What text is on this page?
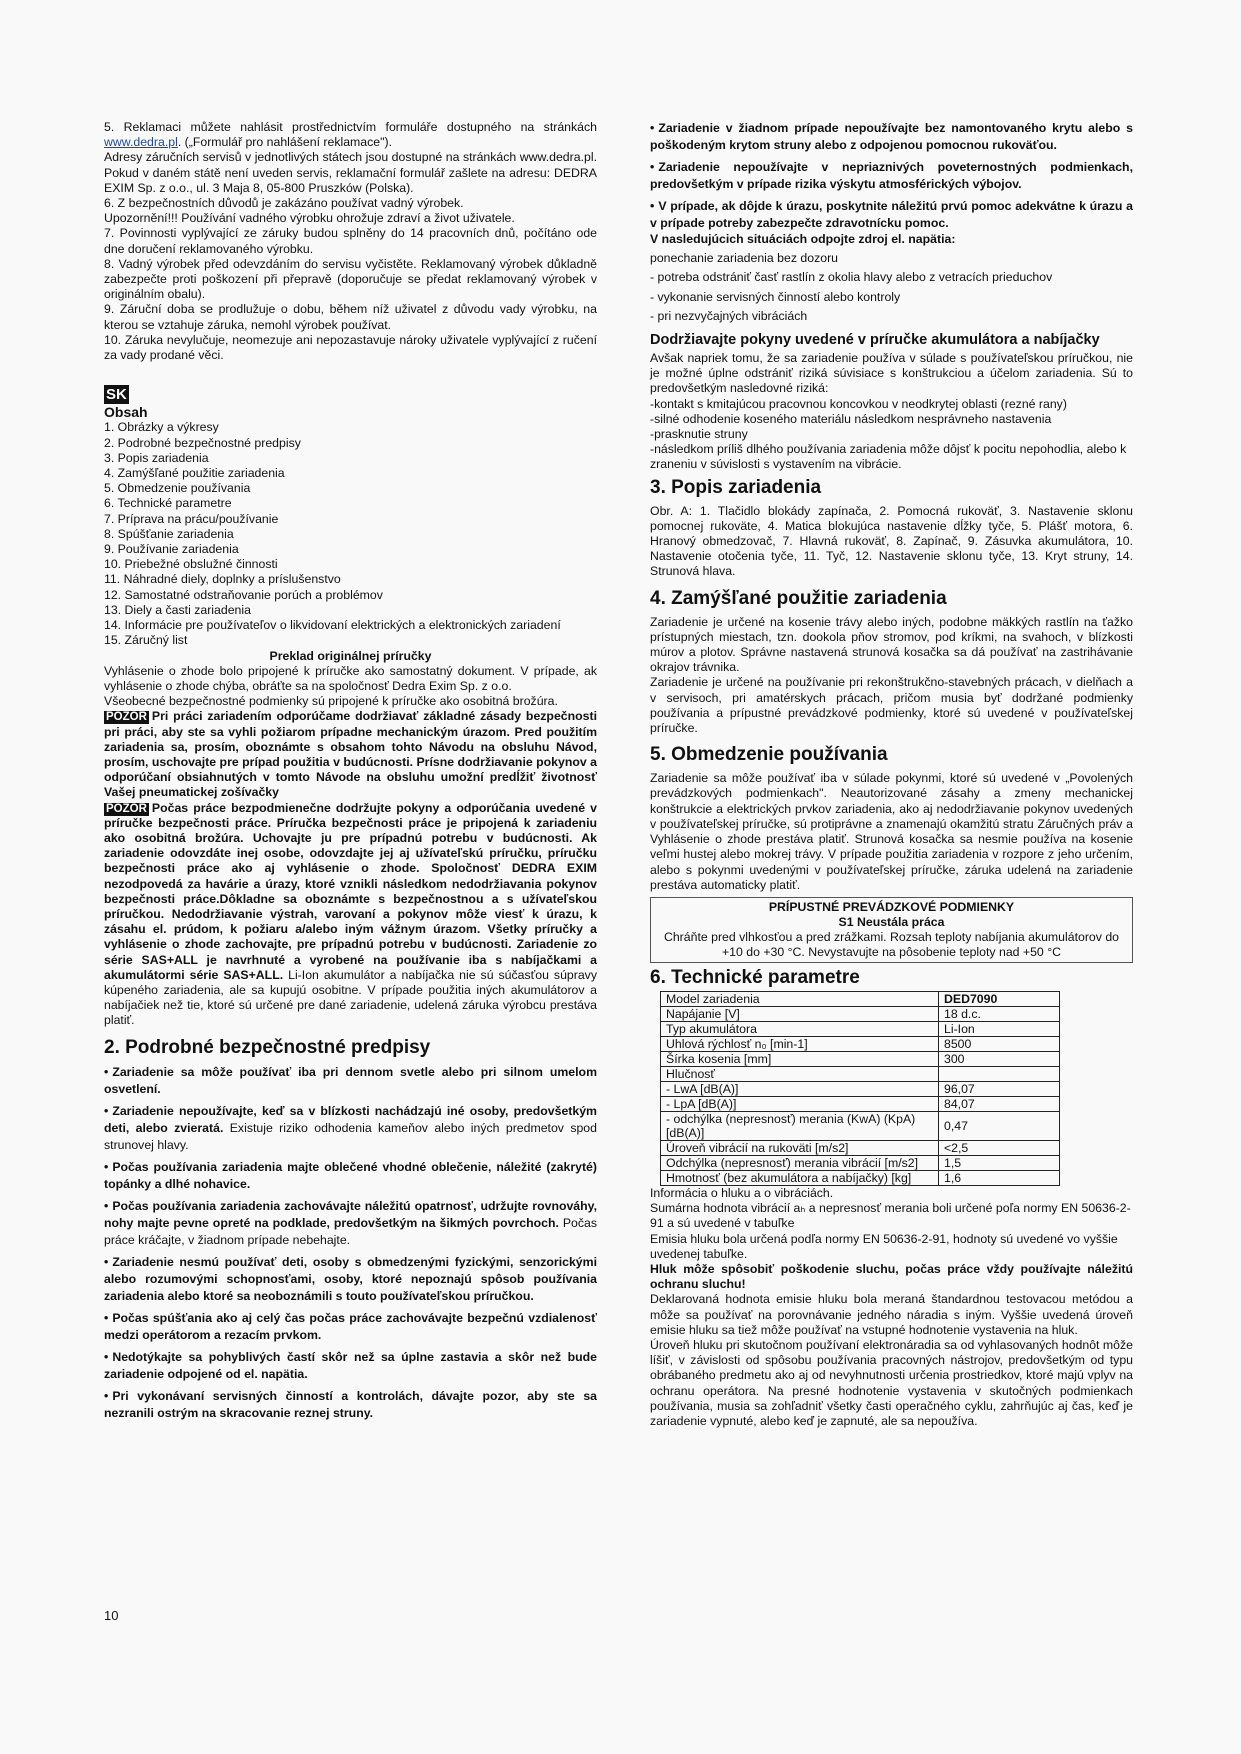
5. Reklamaci můžete nahlásit prostřednictvím formuláře dostupného na stránkách www.dedra.pl. („Formulář pro nahlášení reklamace").

Adresy záručních servisů v jednotlivých státech jsou dostupné na stránkách www.dedra.pl. Pokud v daném státě není uveden servis, reklamační formulář zašlete na adresu: DEDRA EXIM Sp. z o.o., ul. 3 Maja 8, 05-800 Pruszków (Polska).

6. Z bezpečnostních důvodů je zakázáno používat vadný výrobek.

Upozornění!!! Používání vadného výrobku ohrožuje zdraví a život uživatele.

7. Povinnosti vyplývající ze záruky budou splněny do 14 pracovních dnů, počítáno ode dne doručení reklamovaného výrobku.

8. Vadný výrobek před odevzdáním do servisu vyčistěte. Reklamovaný výrobek důkladně zabezpečte proti poškození při přepravě (doporučuje se předat reklamovaný výrobek v originálním obalu).

9. Záruční doba se prodlužuje o dobu, během níž uživatel z důvodu vady výrobku, na kterou se vztahuje záruka, nemohl výrobek používat.

10. Záruka nevylučuje, neomezuje ani nepozastavuje nároky uživatele vyplývající z ručení za vady prodané věci.

SK
Obsah
1. Obrázky a výkresy
2. Podrobné bezpečnostné predpisy
3. Popis zariadenia
4. Zamýšľané použitie zariadenia
5. Obmedzenie používania
6. Technické parametre
7. Príprava na prácu/používanie
8. Spúšťanie zariadenia
9. Používanie zariadenia
10. Priebežné obslužné činnosti
11. Náhradné diely, doplnky a príslušenstvo
12. Samostatné odstraňovanie porúch a problémov
13. Diely a časti zariadenia
14. Informácie pre používateľov o likvidovaní elektrických a elektronických zariadení
15. Záručný list

Preklad originálnej príručky

Vyhlásenie o zhode bolo pripojené k príručke ako samostatný dokument. V prípade, ak vyhlásenie o zhode chýba, obráťte sa na spoločnosť Dedra Exim Sp. z o.o.

Všeobecné bezpečnostné podmienky sú pripojené k príručke ako osobitná brožúra.

POZOR Pri práci zariadením odporúčame dodržiavať základné zásady bezpečnosti pri práci, aby ste sa vyhli požiarom prípadne mechanickým úrazom. Pred použitím zariadenia sa, prosím, oboznámte s obsahom tohto Návodu na obsluhu Návod, prosím, uschovajte pre prípad použitia v budúcnosti. Prísne dodržiavanie pokynov a odporúčaní obsiahnutých v tomto Návode na obsluhu umožní predĺžiť životnosť Vašej pneumatickej zošívačky

POZOR Počas práce bezpodmienečne dodržujte pokyny a odporúčania uvedené v príručke bezpečnosti práce. Príručka bezpečnosti práce je pripojená k zariadeniu ako osobitná brožúra. Uchovajte ju pre prípadnú potrebu v budúcnosti. Ak zariadenie odovzdáte inej osobe, odovzdajte jej aj užívateľskú príručku, príručku bezpečnosti práce ako aj vyhlásenie o zhode. Spoločnosť DEDRA EXIM nezodpovedá za haváriе a úrazy, ktoré vznikli následkom nedodržiavania pokynov bezpečnosti práce.Dôkladne sa oboznámte s bezpečnostnou a s užívateľskou príručkou. Nedodržiavanie výstrah, varovaní a pokynov môže viesť k úrazu, k zásahu el. prúdom, k požiaru a/alebo iným vážnym úrazom. Všetky príručky a vyhlásenie o zhode zachovajte, pre prípadnú potrebu v budúcnosti. Zariadenie zo série SAS+ALL je navrhnuté a vyrobené na používanie iba s nabíjačkami a akumulátormi série SAS+ALL. Li-Ion akumulátor a nabíjačka nie sú súčasťou súpravy kúpeného zariadenia, ale sa kupujú osobitne. V prípade použitia iných akumulátorov a nabíjačiek než tie, ktoré sú určené pre dané zariadenie, udelená záruka výrobcu prestáva platiť.

2. Podrobné bezpečnostné predpisy
• Zariadenie sa môže používať iba pri dennom svetle alebo pri silnom umelom osvetlení.
• Zariadenie nepoužívajte, keď sa v blízkosti nachádzajú iné osoby, predovšetkým deti, alebo zvieratá. Existuje riziko odhodenia kameňov alebo iných predmetov spod strunovej hlavy.
• Počas používania zariadenia majte oblečené vhodné oblečenie, náležité (zakryté) topánky a dlhé nohavice.
• Počas používania zariadenia zachovávajte náležitú opatrnosť, udržujte rovnováhy, nohy majte pevne opreté na podklade, predovšetkým na šikmých povrchoch. Počas práce kráčajte, v žiadnom prípade nebehajte.
• Zariadenie nesmú používať deti, osoby s obmedzenými fyzickými, senzorickými alebo rozumovými schopnosťami, osoby, ktoré nepoznajú spôsob používania zariadenia alebo ktoré sa neoboznámili s touto používateľskou príručkou.
• Počas spúšťania ako aj celý čas počas práce zachovávajte bezpečnú vzdialenosť medzi operátorom a rezacím prvkom.
• Nedotýkajte sa pohyblivých častí skôr než sa úplne zastavia a skôr než bude zariadenie odpojené od el. napätia.
• Pri vykonávaní servisných činností a kontrolách, dávajte pozor, aby ste sa nezranili ostrým na skracovanie reznej struny.
• Zariadenie v žiadnom prípade nepoužívajte bez namontovaného krytu alebo s poškodeným krytom struny alebo z odpojenou pomocnou rukoväťou.
• Zariadenie nepoužívajte v nepriaznivých poveternostných podmienkach, predovšetkým v prípade rizika výskytu atmosférických výbojov.
• V prípade, ak dôjde k úrazu, poskytnite náležitú prvú pomoc adekvátne k úrazu a v prípade potreby zabezpečte zdravotnícku pomoc.

V nasledujúcich situáciách odpojte zdroj el. napätia:

ponechanie zariadenia bez dozoru
- potreba odstrániť časť rastlín z okolia hlavy alebo z vetracích prieduchov
- vykonanie servisných činností alebo kontroly
- pri nezvyčajných vibráciách
Dodržiavajte pokyny uvedené v príručke akumulátora a nabíjačky

Avšak napriek tomu, že sa zariadenie používa v súlade s používateľskou príručkou, nie je možné úplne odstrániť riziká súvisiace s konštrukciou a účelom zariadenia. Sú to predovšetkým nasledovné riziká:

-kontakt s kmitajúcou pracovnou koncovkou v neodkrytej oblasti (rezné rany)
-silné odhodenie koseného materiálu následkom nesprávneho nastavenia
-prasknutie struny
-následkom príliš dlhého používania zariadenia môže dôjsť k pocitu nepohodlia, alebo k zraneniu v súvislosti s vystavením na vibrácie.
3. Popis zariadenia

Obr. A: 1. Tlačidlo blokády zapínača, 2. Pomocná rukoväť, 3. Nastavenie sklonu pomocnej rukoväte, 4. Matica blokujúca nastavenie dĺžky tyče, 5. Plášť motora, 6. Hranový obmedzovač, 7. Hlavná rukoväť, 8. Zapínač, 9. Zásuvka akumulátora, 10. Nastavenie otočenia tyče, 11. Tyč, 12. Nastavenie sklonu tyče, 13. Kryt struny, 14. Strunová hlava.

4. Zamýšľané použitie zariadenia

Zariadenie je určené na kosenie trávy alebo iných, podobne mäkkých rastlín na ťažko prístupných miestach, tzn. dookola pňov stromov, pod kríkmi, na svahoch, v blízkosti múrov a plotov. Správne nastavená strunová kosačka sa dá používať na zastrihávanie okrajov trávnika.

Zariadenie je určené na používanie pri rekonštrukčno-stavebných prácach, v dielňach a v servisoch, pri amatérskych prácach, pričom musia byť dodržané podmienky používania a prípustné prevádzkové podmienky, ktoré sú uvedené v používateľskej príručke.

5. Obmedzenie používania

Zariadenie sa môže používať iba v súlade pokynmi, ktoré sú uvedené v „Povolených prevádzkových podmienkach". Neautorizované zásahy a zmeny mechanickej konštrukcie a elektrických prvkov zariadenia, ako aj nedodržiavanie pokynov uvedených v používateľskej príručke, sú protiprávne a znamenajú okamžitú stratu Záručných práv a Vyhlásenie o zhode prestáva platiť. Strunová kosačka sa nesmie používa na kosenie veľmi hustej alebo mokrej trávy. V prípade použitia zariadenia v rozpore z jeho určením, alebo s pokynmi uvedenými v používateľskej príručke, záruka udelená na zariadenie prestáva automaticky platiť.

PRÍPUSTNÉ PREVÁDZKOVÉ PODMIENKY
S1 Neustála práca
Chráňte pred vlhkosťou a pred zrážkami. Rozsah teploty nabíjania akumulátorov do +10 do +30 °C. Nevystavujte na pôsobenie teploty nad +50 °C
6. Technické parametre
Model zariadenia	DED7090
Napájanie [V]	18 d.c.
Typ akumulátora	Li-Ion
Uhlová rýchlosť n₀ [min-1]	8500
Šírka kosenia [mm]	300
Hlučnosť	
- LwA [dB(A)]	96,07
- LpA [dB(A)]	84,07
- odchýlka (nepresnosť) merania (KwA) (KpA) [dB(A)]	0,47
Úroveň vibrácií na rukoväti [m/s2]	<2,5
Odchýlka (nepresnosť) merania vibrácií [m/s2]	1,5
Hmotnosť (bez akumulátora a nabíjačky) [kg]	1,6

Informácia o hluku a o vibráciách.

Sumárna hodnota vibrácií aₕ a nepresnosť merania boli určené poľa normy EN 50636-2-91 a sú uvedené v tabuľke

Emisia hluku bola určená podľa normy EN 50636-2-91, hodnoty sú uvedené vo vyššie uvedenej tabuľke.

Hluk môže spôsobiť poškodenie sluchu, počas práce vždy používajte náležitú ochranu sluchu!

Deklarovaná hodnota emisie hluku bola meraná štandardnou testovacou metódou a môže sa používať na porovnávanie jedného náradia s iným. Vyššie uvedená úroveň emisie hluku sa tiež môže používať na vstupné hodnotenie vystavenia na hluk.

Úroveň hluku pri skutočnom používaní elektronáradia sa od vyhlasovaných hodnôt môže líšiť, v závislosti od spôsobu používania pracovných nástrojov, predovšetkým od typu obrábaného predmetu ako aj od nevyhnutnosti určenia prostriedkov, ktoré majú vplyv na ochranu operátora. Na presné hodnotenie vystavenia v skutočných podmienkach používania, musia sa zohľadniť všetky časti operačného cyklu, zahrňujúc aj čas, keď je zariadenie vypnuté, alebo keď je zapnuté, ale sa nepoužíva.

10
